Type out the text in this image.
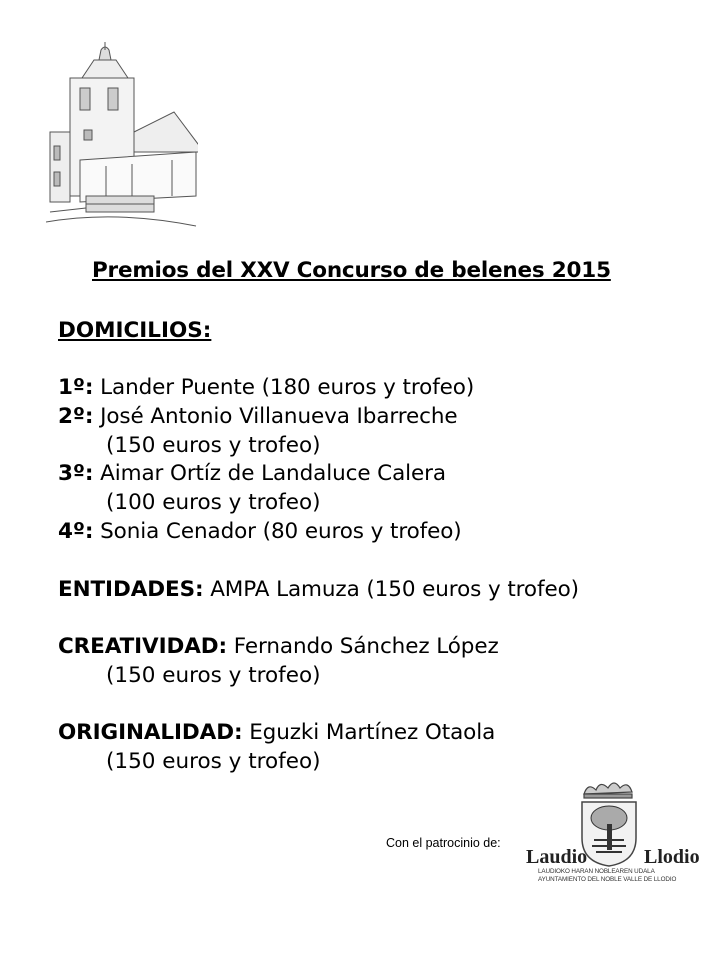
Premios del XXV Concurso de belenes 2015
DOMICILIOS:
1º: Lander Puente (180 euros y trofeo)
2º: José Antonio Villanueva Ibarreche
(150 euros y trofeo)
3º: Aimar Ortíz de Landaluce Calera
(100 euros y trofeo)
4º: Sonia Cenador (80 euros y trofeo)
ENTIDADES: AMPA Lamuza (150 euros y trofeo)
CREATIVIDAD: Fernando Sánchez López
(150 euros y trofeo)
ORIGINALIDAD: Eguzki Martínez Otaola
(150 euros y trofeo)
Con el patrocinio de:
Laudio	Llodio
LAUDIOKO HARAN NOBLEAREN UDALA
AYUNTAMIENTO DEL NOBLE VALLE DE LLODIO
